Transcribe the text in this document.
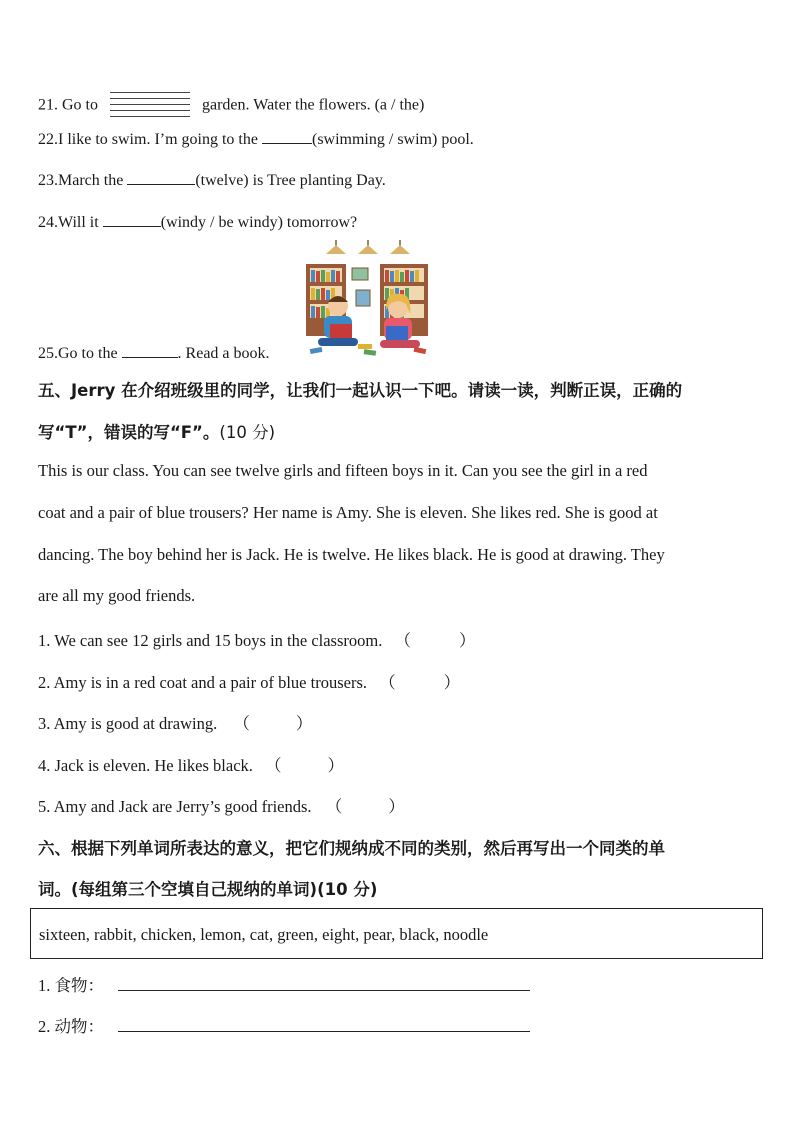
21. Go to	garden. Water the flowers. (a / the)
22.I like to swim. I’m going to the	(swimming / swim) pool.
23.March the	(twelve) is Tree planting Day.
24.Will it	(windy / be windy) tomorrow?
25.Go to the	. Read a book.
五、Jerry 在介绍班级里的同学，让我们一起认识一下吧。请读一读，判断正误，正确的
写“T”，错误的写“F”。(10 分)
This is our class. You can see twelve girls and fifteen boys in it. Can you see the girl in a red
coat and a pair of blue trousers? Her name is Amy. She is eleven. She likes red. She is good at
dancing. The boy behind her is Jack. He is twelve. He likes black. He is good at drawing. They
are all my good friends.
1. We can see 12 girls and 15 boys in the classroom. （	）
2. Amy is in a red coat and a pair of blue trousers. （	）
3. Amy is good at drawing. （	）
4. Jack is eleven. He likes black. （	）
5. Amy and Jack are Jerry’s good friends. （	）
六、根据下列单词所表达的意义，把它们规纳成不同的类别，然后再写出一个同类的单
词。(每组第三个空填自己规纳的单词)(10 分)
sixteen, rabbit, chicken, lemon, cat, green, eight, pear, black, noodle
1. 食物：
2. 动物：
